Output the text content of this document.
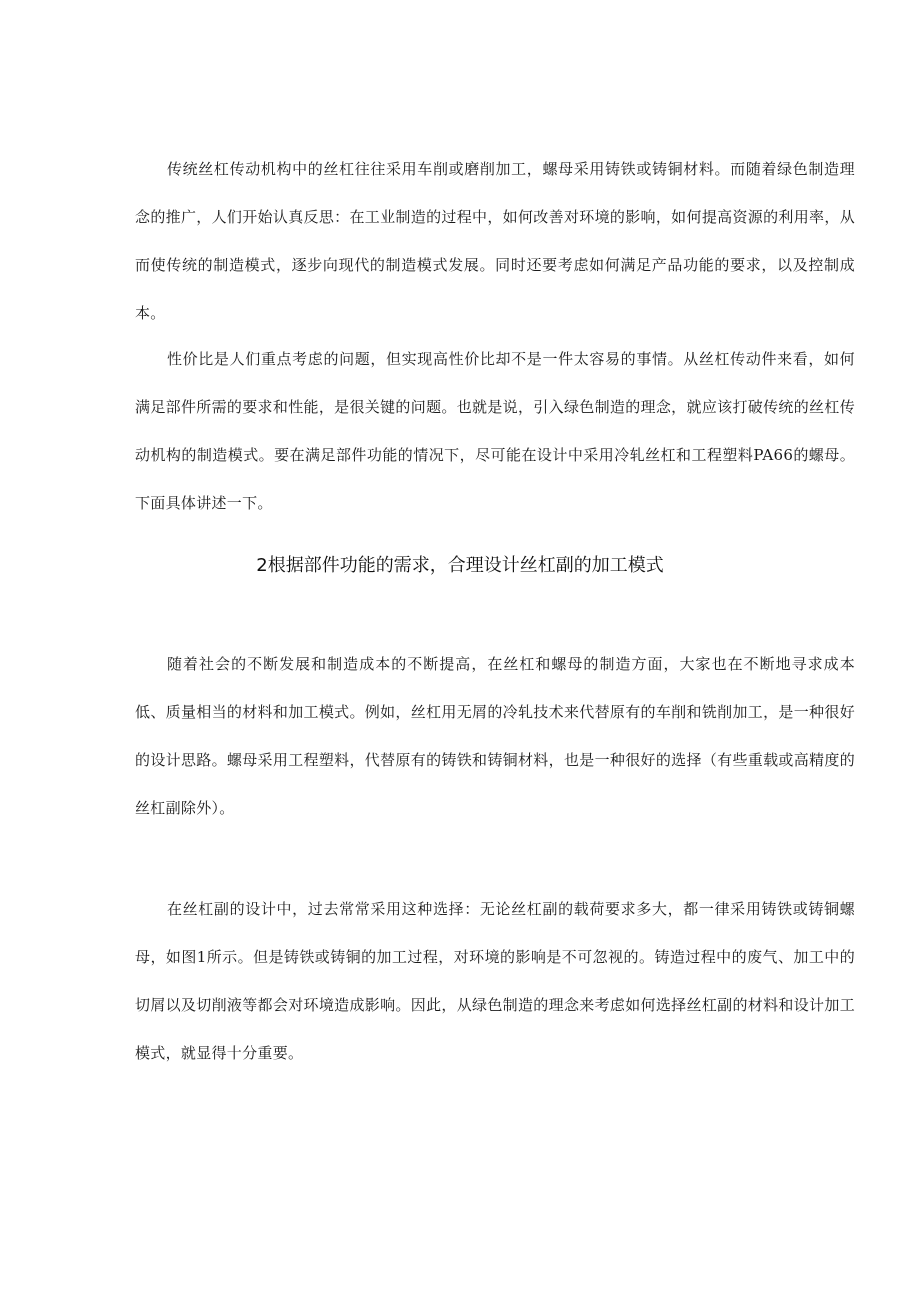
传统丝杠传动机构中的丝杠往往采用车削或磨削加工，螺母采用铸铁或铸铜材料。而随着绿色制造理念的推广，人们开始认真反思：在工业制造的过程中，如何改善对环境的影响，如何提高资源的利用率，从而使传统的制造模式，逐步向现代的制造模式发展。同时还要考虑如何满足产品功能的要求，以及控制成本。

性价比是人们重点考虑的问题，但实现高性价比却不是一件太容易的事情。从丝杠传动件来看，如何满足部件所需的要求和性能，是很关键的问题。也就是说，引入绿色制造的理念，就应该打破传统的丝杠传动机构的制造模式。要在满足部件功能的情况下，尽可能在设计中采用冷轧丝杠和工程塑料PA66的螺母。下面具体讲述一下。

2根据部件功能的需求，合理设计丝杠副的加工模式

随着社会的不断发展和制造成本的不断提高，在丝杠和螺母的制造方面，大家也在不断地寻求成本低、质量相当的材料和加工模式。例如，丝杠用无屑的冷轧技术来代替原有的车削和铣削加工，是一种很好的设计思路。螺母采用工程塑料，代替原有的铸铁和铸铜材料，也是一种很好的选择（有些重载或高精度的丝杠副除外）。

在丝杠副的设计中，过去常常采用这种选择：无论丝杠副的载荷要求多大，都一律采用铸铁或铸铜螺母，如图1所示。但是铸铁或铸铜的加工过程，对环境的影响是不可忽视的。铸造过程中的废气、加工中的切屑以及切削液等都会对环境造成影响。因此，从绿色制造的理念来考虑如何选择丝杠副的材料和设计加工模式，就显得十分重要。
